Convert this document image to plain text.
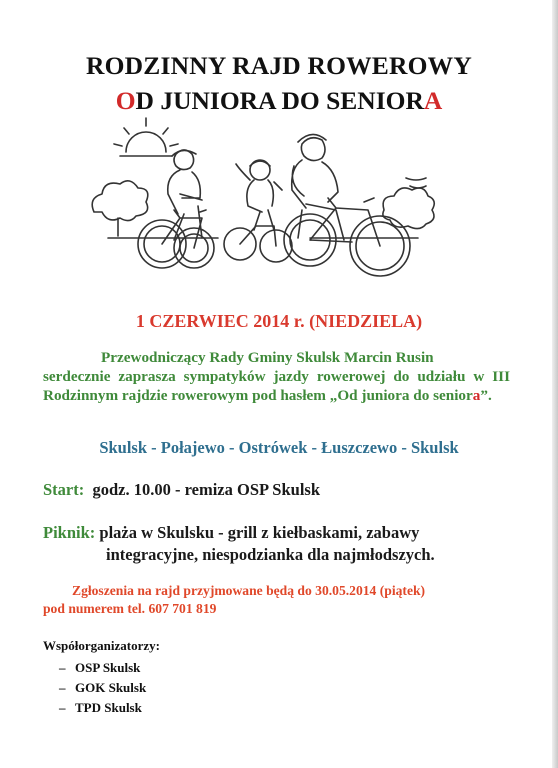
RODZINNY RAJD ROWEROWY
OD JUNIORA DO SENIORA
1 CZERWIEC 2014 r. (NIEDZIELA)
Przewodniczący Rady Gminy Skulsk Marcin Rusin
serdecznie zaprasza sympatyków jazdy rowerowej do udziału w III Rodzinnym rajdzie rowerowym pod hasłem „Od juniora do seniora”.
Skulsk - Połajewo - Ostrówek - Łuszczewo - Skulsk
Start: godz. 10.00 - remiza OSP Skulsk
Piknik: plaża w Skulsku - grill z kiełbaskami, zabawy
integracyjne, niespodzianka dla najmłodszych.
Zgłoszenia na rajd przyjmowane będą do 30.05.2014 (piątek)
pod numerem tel. 607 701 819
Współorganizatorzy:
– OSP Skulsk
– GOK Skulsk
– TPD Skulsk
